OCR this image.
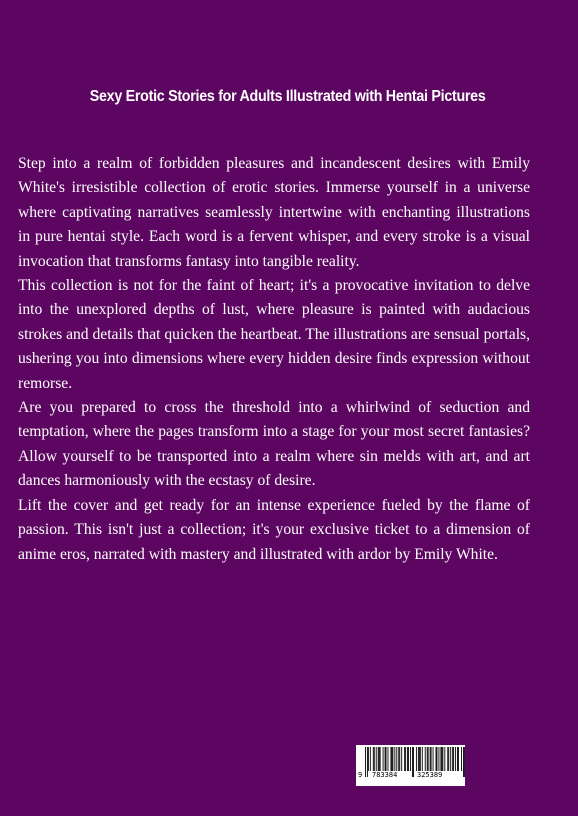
Sexy Erotic Stories for Adults Illustrated with Hentai Pictures

Step into a realm of forbidden pleasures and incandescent desires with Emily White's irresistible collection of erotic stories. Immerse yourself in a universe where captivating narratives seamlessly intertwine with enchanting illustrations in pure hentai style. Each word is a fervent whisper, and every stroke is a visual invocation that transforms fantasy into tangible reality.

This collection is not for the faint of heart; it's a provocative invitation to delve into the unexplored depths of lust, where pleasure is painted with audacious strokes and details that quicken the heartbeat. The illustrations are sensual portals, ushering you into dimensions where every hidden desire finds expression without remorse.

Are you prepared to cross the threshold into a whirlwind of seduction and temptation, where the pages transform into a stage for your most secret fantasies? Allow yourself to be transported into a realm where sin melds with art, and art dances harmoniously with the ecstasy of desire.

Lift the cover and get ready for an intense experience fueled by the flame of passion. This isn't just a collection; it's your exclusive ticket to a dimension of anime eros, narrated with mastery and illustrated with ardor by Emily White.

9 783384	325389
